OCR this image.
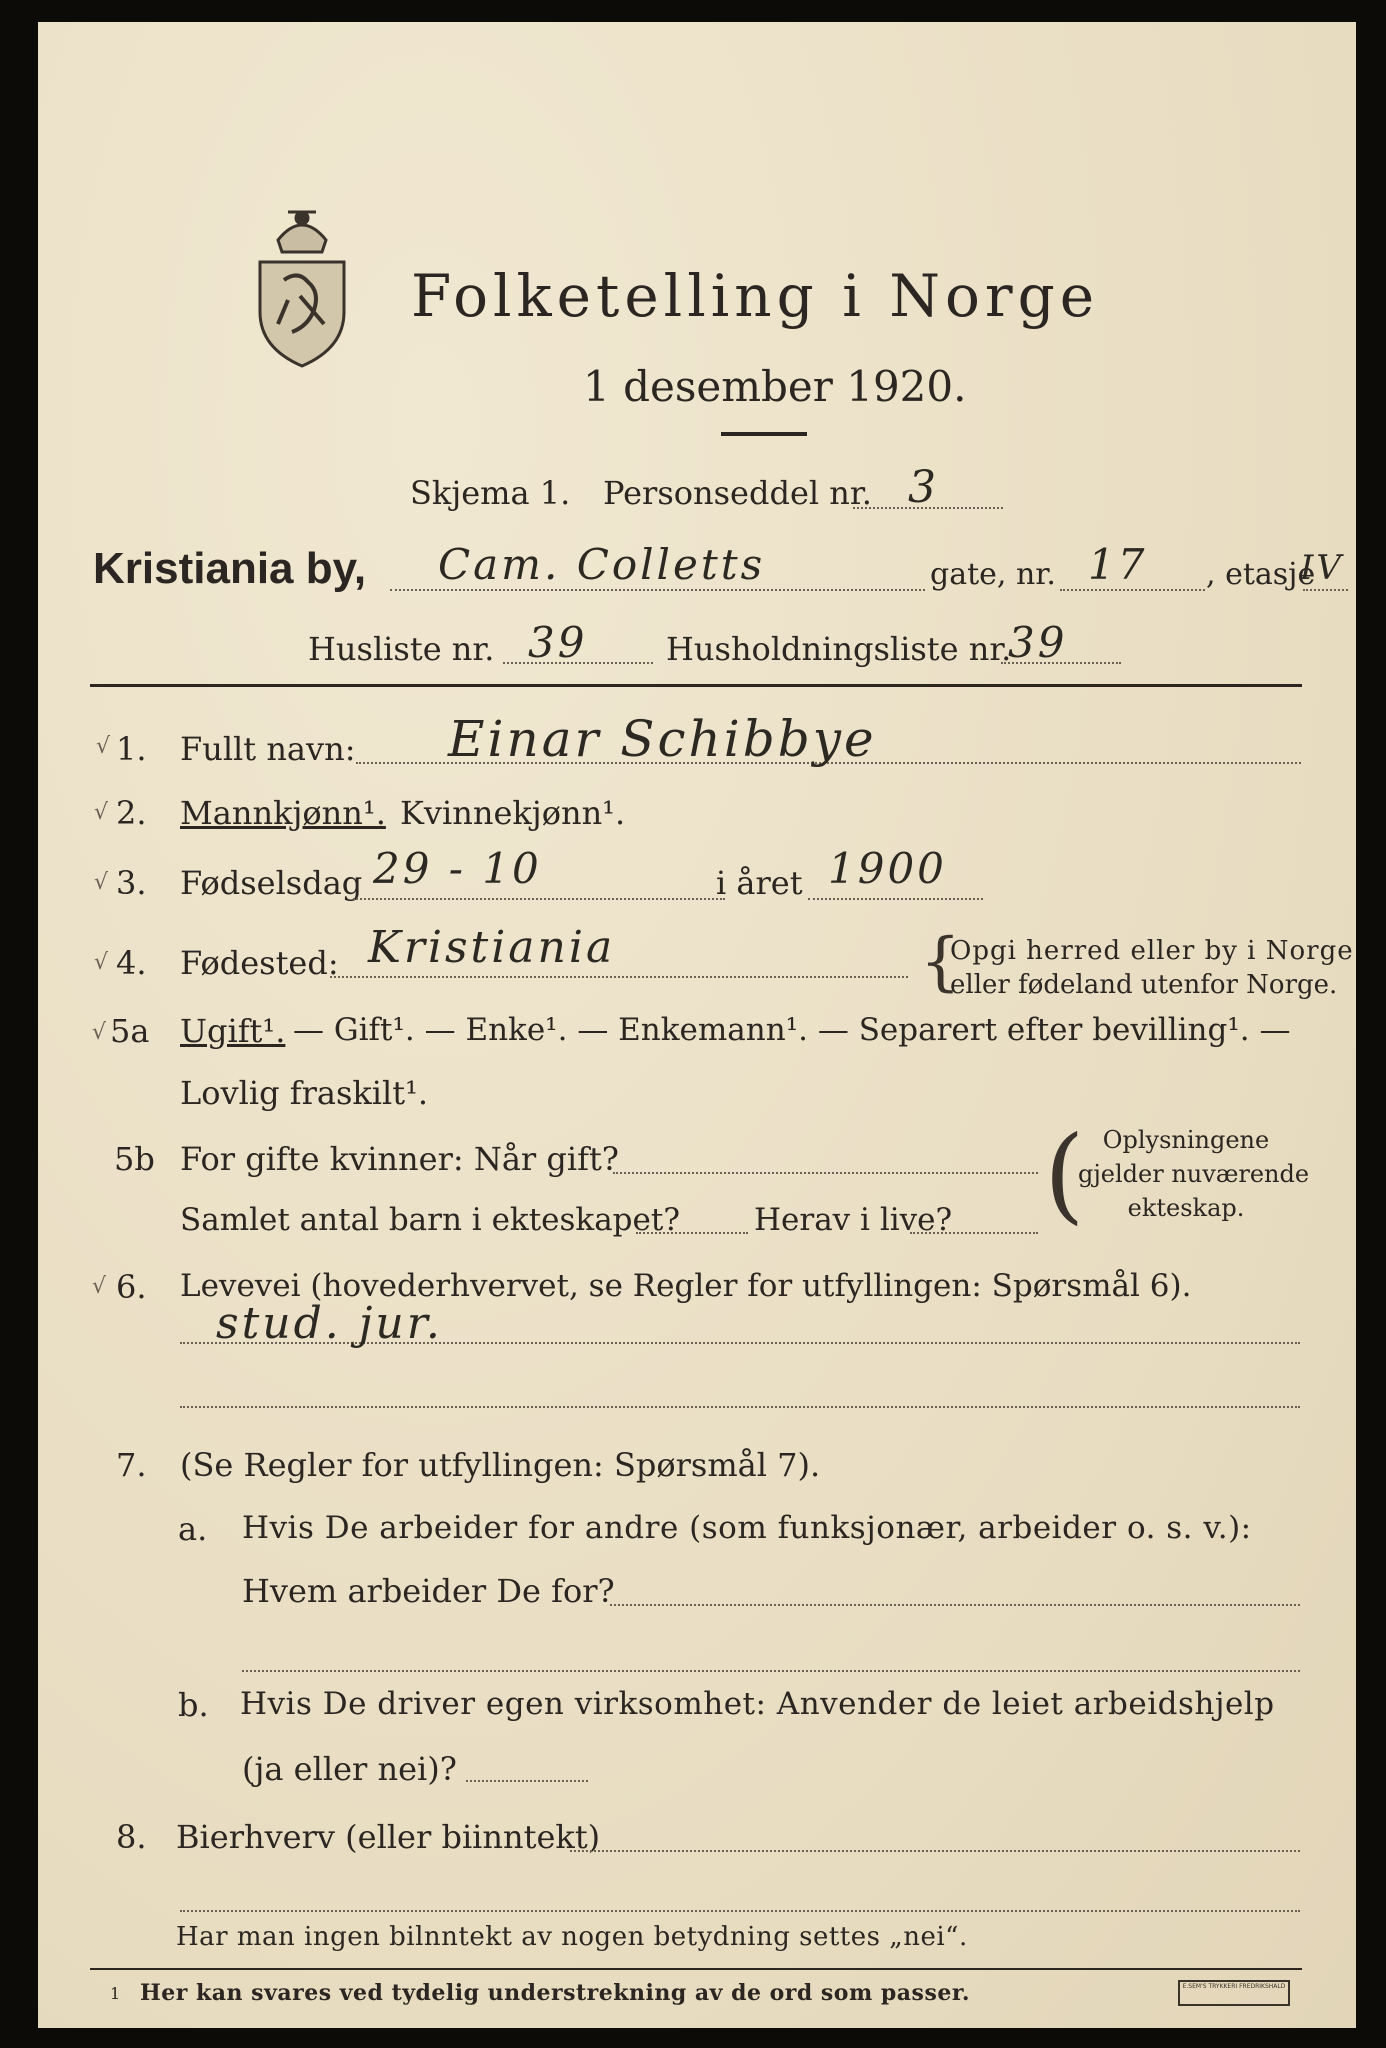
Folketelling i Norge
1 desember 1920.
Skjema 1. Personseddel nr. 3
Kristiania by, Cam. Colletts	gate, nr. 17 , etasje
IV
Husliste nr. 39 Husholdningsliste nr.
39
√ 1. Fullt navn: Einar Schibbye
√ 2. Mannkjønn¹. Kvinnekjønn¹.
√ 3. Fødselsdag 29 - 10	i året 1900
√ 4. Fødested: Kristiania	{
Opgi herred eller by i Norge
eller fødeland utenfor Norge.
√ 5a Ugift¹. — Gift¹. — Enke¹. — Enkemann¹. — Separert efter bevilling¹. —
Lovlig fraskilt¹.
5b For gifte kvinner: Når gift?
Samlet antal barn i ekteskapet? Herav i live? ( Oplysningene
gjelder nuværende
ekteskap.
√ 6. Levevei (hovederhvervet, se Regler for utfyllingen: Spørsmål 6).
stud. jur.
7. (Se Regler for utfyllingen: Spørsmål 7).
a. Hvis De arbeider for andre (som funksjonær, arbeider o. s. v.):
Hvem arbeider De for?
b. Hvis De driver egen virksomhet: Anvender de leiet arbeidshjelp
(ja eller nei)?
8. Bierhverv (eller biinntekt)
Har man ingen bilnntekt av nogen betydning settes „nei“.
1 Her kan svares ved tydelig understrekning av de ord som passer.	E.SEM'S TRYKKERI FREDRIKSHALD
